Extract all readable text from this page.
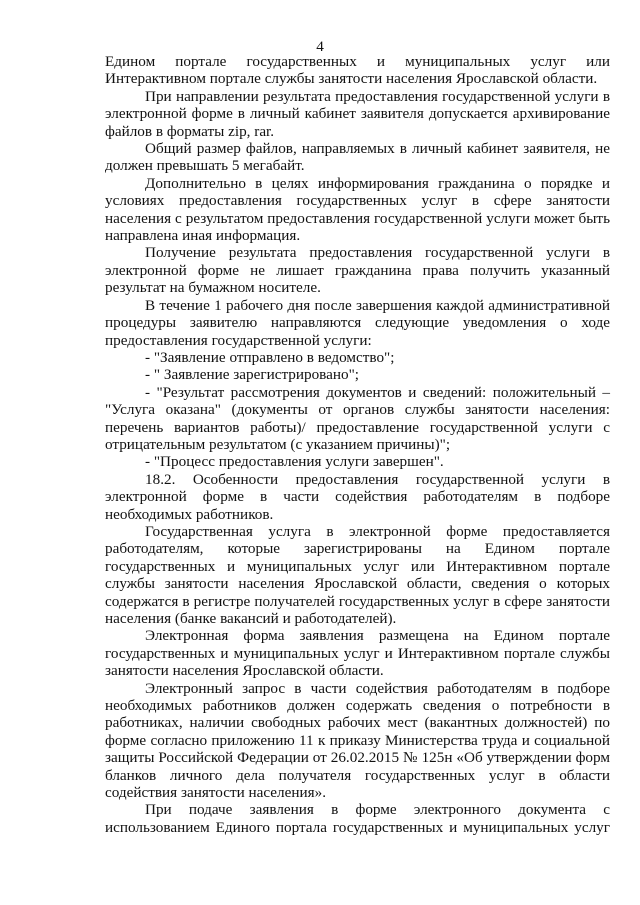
4

Едином портале государственных и муниципальных услуг или Интерактивном портале службы занятости населения Ярославской области.

При направлении результата предоставления государственной услуги в электронной форме в личный кабинет заявителя допускается архивирование файлов в форматы zip, rar.

Общий размер файлов, направляемых в личный кабинет заявителя, не должен превышать 5 мегабайт.

Дополнительно в целях информирования гражданина о порядке и условиях предоставления государственных услуг в сфере занятости населения с результатом предоставления государственной услуги может быть направлена иная информация.

Получение результата предоставления государственной услуги в электронной форме не лишает гражданина права получить указанный результат на бумажном носителе.

В течение 1 рабочего дня после завершения каждой административной процедуры заявителю направляются следующие уведомления о ходе предоставления государственной услуги:

- "Заявление отправлено в ведомство";

- " Заявление зарегистрировано";

- "Результат рассмотрения документов и сведений: положительный – "Услуга оказана" (документы от органов службы занятости населения: перечень вариантов работы)/ предоставление государственной услуги с отрицательным результатом (с указанием причины)";

- "Процесс предоставления услуги завершен".

18.2. Особенности предоставления государственной услуги в электронной форме в части содействия работодателям в подборе необходимых работников.

Государственная услуга в электронной форме предоставляется работодателям, которые зарегистрированы на Едином портале государственных и муниципальных услуг или Интерактивном портале службы занятости населения Ярославской области, сведения о которых содержатся в регистре получателей государственных услуг в сфере занятости населения (банке вакансий и работодателей).

Электронная форма заявления размещена на Едином портале государственных и муниципальных услуг и Интерактивном портале службы занятости населения Ярославской области.

Электронный запрос в части содействия работодателям в подборе необходимых работников должен содержать сведения о потребности в работниках, наличии свободных рабочих мест (вакантных должностей) по форме согласно приложению 11 к приказу Министерства труда и социальной защиты Российской Федерации от 26.02.2015 № 125н «Об утверждении форм бланков личного дела получателя государственных услуг в области содействия занятости населения».

При подаче заявления в форме электронного документа с использованием Единого портала государственных и муниципальных услуг
